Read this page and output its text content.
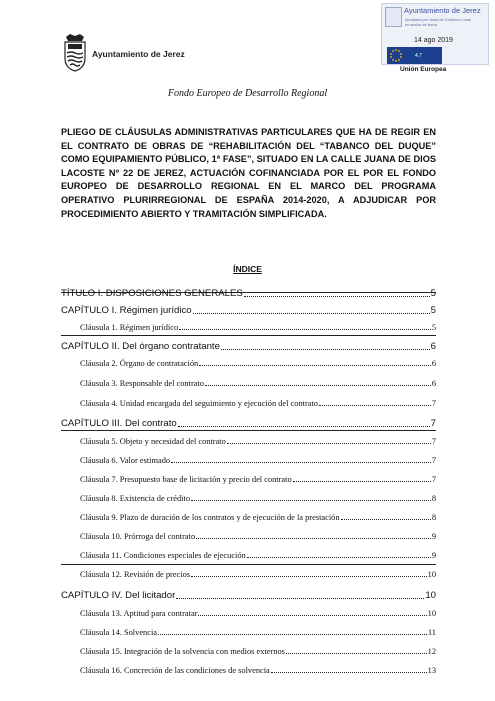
Ayuntamiento de Jerez
Ayuntamiento de Jerez
Aprobado por Junta de Gobierno Local
en sesión de fecha
14 ago 2019
4.7
Unión Europea
Fondo Europeo de Desarrollo Regional
PLIEGO DE CLÁUSULAS ADMINISTRATIVAS PARTICULARES QUE HA DE REGIR EN EL CONTRATO DE OBRAS DE “REHABILITACIÓN DEL “TABANCO DEL DUQUE” COMO EQUIPAMIENTO PÚBLICO, 1ª FASE”, SITUADO EN LA CALLE JUANA DE DIOS LACOSTE Nº 22 DE JEREZ, ACTUACIÓN COFINANCIADA POR EL POR EL FONDO EUROPEO DE DESARROLLO REGIONAL EN EL MARCO DEL PROGRAMA OPERATIVO PLURIRREGIONAL DE ESPAÑA 2014-2020, A ADJUDICAR POR PROCEDIMIENTO ABIERTO Y TRAMITACIÓN SIMPLIFICADA.
ÍNDICE
TÍTULO I. DISPOSICIONES GENERALES	5
CAPÍTULO I. Régimen jurídico	5
Cláusula 1. Régimen jurídico	5
CAPÍTULO II. Del órgano contratante	6
Cláusula 2. Órgano de contratación	6
Cláusula 3. Responsable del contrato	6
Cláusula 4. Unidad encargada del seguimiento y ejecución del contrato	7
CAPÍTULO III. Del contrato	7
Cláusula 5. Objeto y necesidad del contrato	7
Cláusula 6. Valor estimado	7
Cláusula 7. Presupuesto base de licitación y precio del contrato	7
Cláusula 8. Existencia de crédito	8
Cláusula 9. Plazo de duración de los contratos y de ejecución de la prestación	8
Cláusula 10. Prórroga del contrato	9
Cláusula 11. Condiciones especiales de ejecución	9
Cláusula 12. Revisión de precios	10
CAPÍTULO IV. Del licitador	10
Cláusula 13. Aptitud para contratar	10
Cláusula 14. Solvencia	11
Cláusula 15. Integración de la solvencia con medios externos	12
Cláusula 16. Concreción de las condiciones de solvencia	13
